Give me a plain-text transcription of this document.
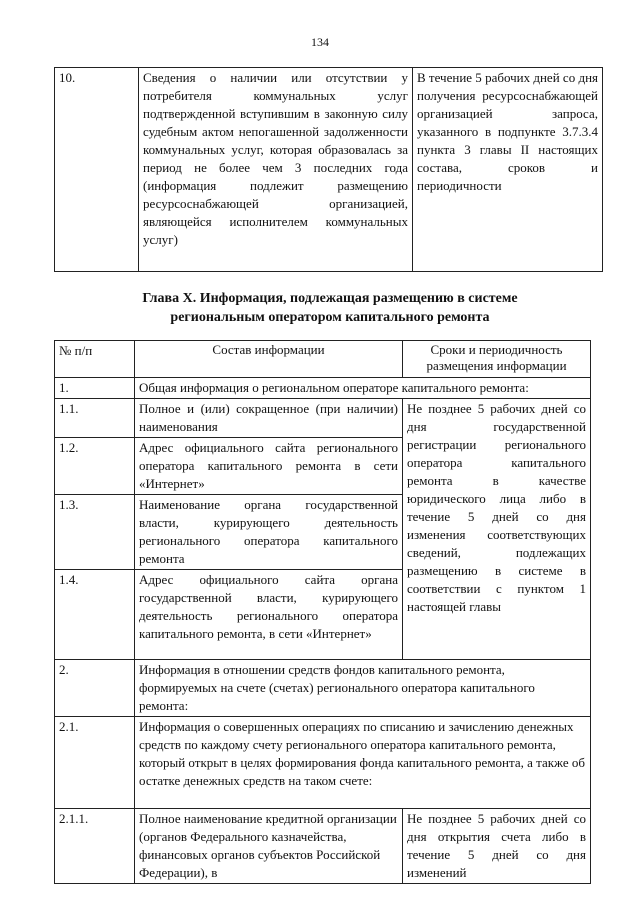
134
10.	Сведения о наличии или отсутствии у потребителя коммунальных услуг подтвержденной вступившим в законную силу судебным актом непогашенной задолженности коммунальных услуг, которая образовалась за период не более чем 3 последних года (информация подлежит размещению ресурсоснабжающей организацией, являющейся исполнителем коммунальных услуг)	В течение 5 рабочих дней со дня получения ресурсоснабжающей организацией запроса, указанного в подпункте 3.7.3.4 пункта 3 главы II настоящих состава, сроков и периодичности
Глава X. Информация, подлежащая размещению в системе
региональным оператором капитального ремонта
№ п/п	Состав информации	Сроки и периодичность размещения информации
1.	Общая информация о региональном операторе капитального ремонта:	
1.1.	Полное и (или) сокращенное (при наличии) наименования	Не позднее 5 рабочих дней со дня государственной регистрации регионального оператора капитального ремонта в качестве юридического лица либо в течение 5 дней со дня изменения соответствующих сведений, подлежащих размещению в системе в соответствии с пунктом 1 настоящей главы
1.2.	Адрес официального сайта регионального оператора капитального ремонта в сети «Интернет»	
1.3.	Наименование органа государственной власти, курирующего деятельность регионального оператора капитального ремонта	
1.4.	Адрес официального сайта органа государственной власти, курирующего деятельность регионального оператора капитального ремонта, в сети «Интернет»	
2.	Информация в отношении средств фондов капитального ремонта, формируемых на счете (счетах) регионального оператора капитального ремонта:	
2.1.	Информация о совершенных операциях по списанию и зачислению денежных средств по каждому счету регионального оператора капитального ремонта, который открыт в целях формирования фонда капитального ремонта, а также об остатке денежных средств на таком счете:	
2.1.1.	Полное наименование кредитной организации (органов Федерального казначейства, финансовых органов субъектов Российской Федерации), в	Не позднее 5 рабочих дней со дня открытия счета либо в течение 5 дней со дня изменений
